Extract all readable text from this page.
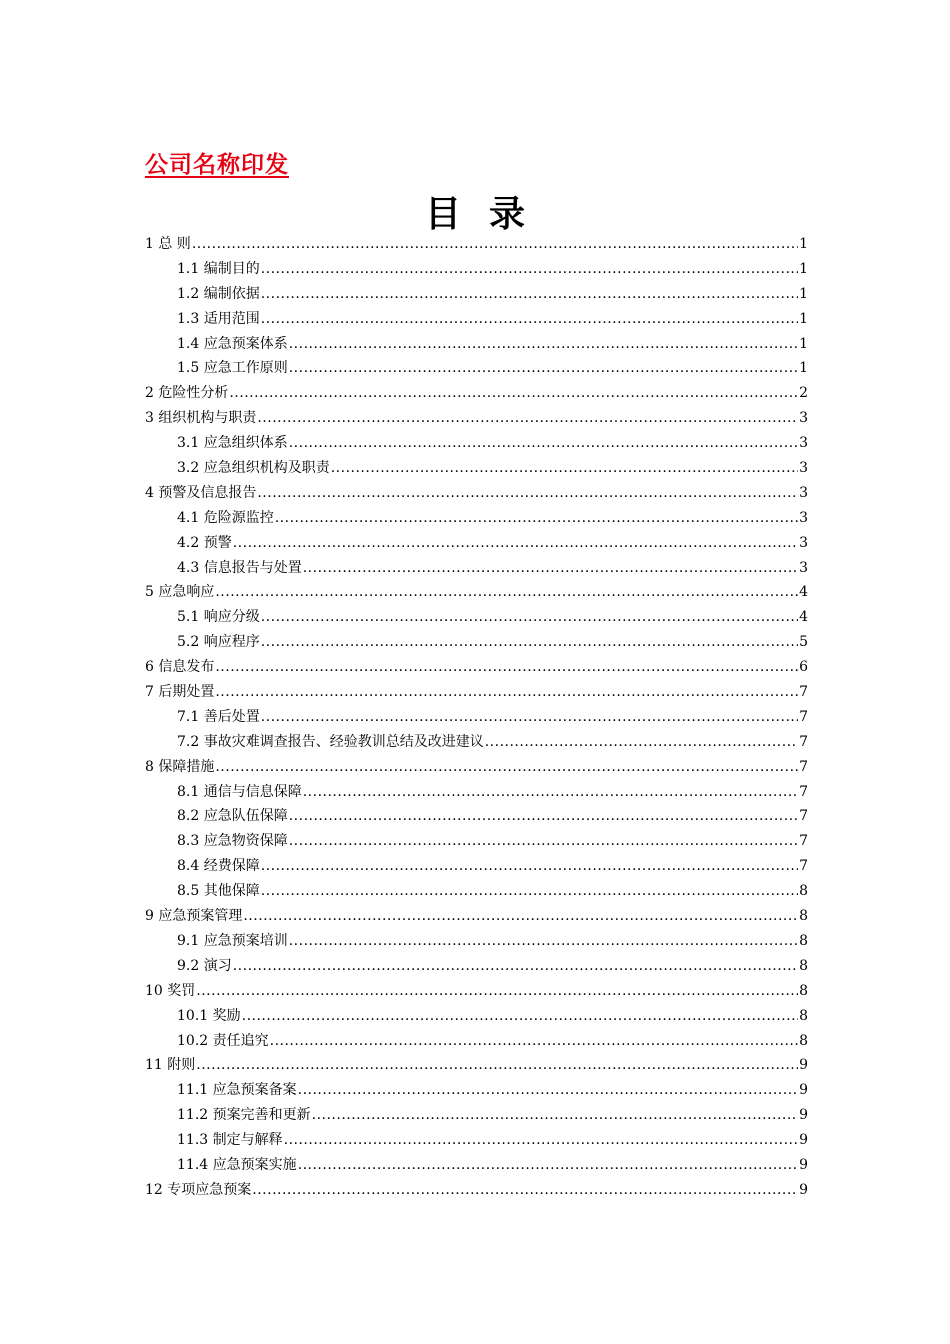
公司名称印发
目录
1 总 则 .....	1
1.1 编制目的 .....	1
1.2 编制依据 .....	1
1.3 适用范围 .....	1
1.4 应急预案体系 .....	1
1.5 应急工作原则 .....	1
2 危险性分析 .....	2
3 组织机构与职责 .....	3
3.1 应急组织体系 .....	3
3.2 应急组织机构及职责 .....	3
4 预警及信息报告 .....	3
4.1 危险源监控 .....	3
4.2 预警 .....	3
4.3 信息报告与处置 .....	3
5 应急响应 .....	4
5.1 响应分级 .....	4
5.2 响应程序 .....	5
6 信息发布 .....	6
7 后期处置 .....	7
7.1 善后处置 .....	7
7.2 事故灾难调查报告、经验教训总结及改进建议 .....	7
8 保障措施 .....	7
8.1 通信与信息保障 .....	7
8.2 应急队伍保障 .....	7
8.3 应急物资保障 .....	7
8.4 经费保障 .....	7
8.5 其他保障 .....	8
9 应急预案管理 .....	8
9.1 应急预案培训 .....	8
9.2 演习 .....	8
10 奖罚 .....	8
10.1 奖励 .....	8
10.2 责任追究 .....	8
11 附则 .....	9
11.1 应急预案备案 .....	9
11.2 预案完善和更新 .....	9
11.3 制定与解释 .....	9
11.4 应急预案实施 .....	9
12 专项应急预案 .....	9
